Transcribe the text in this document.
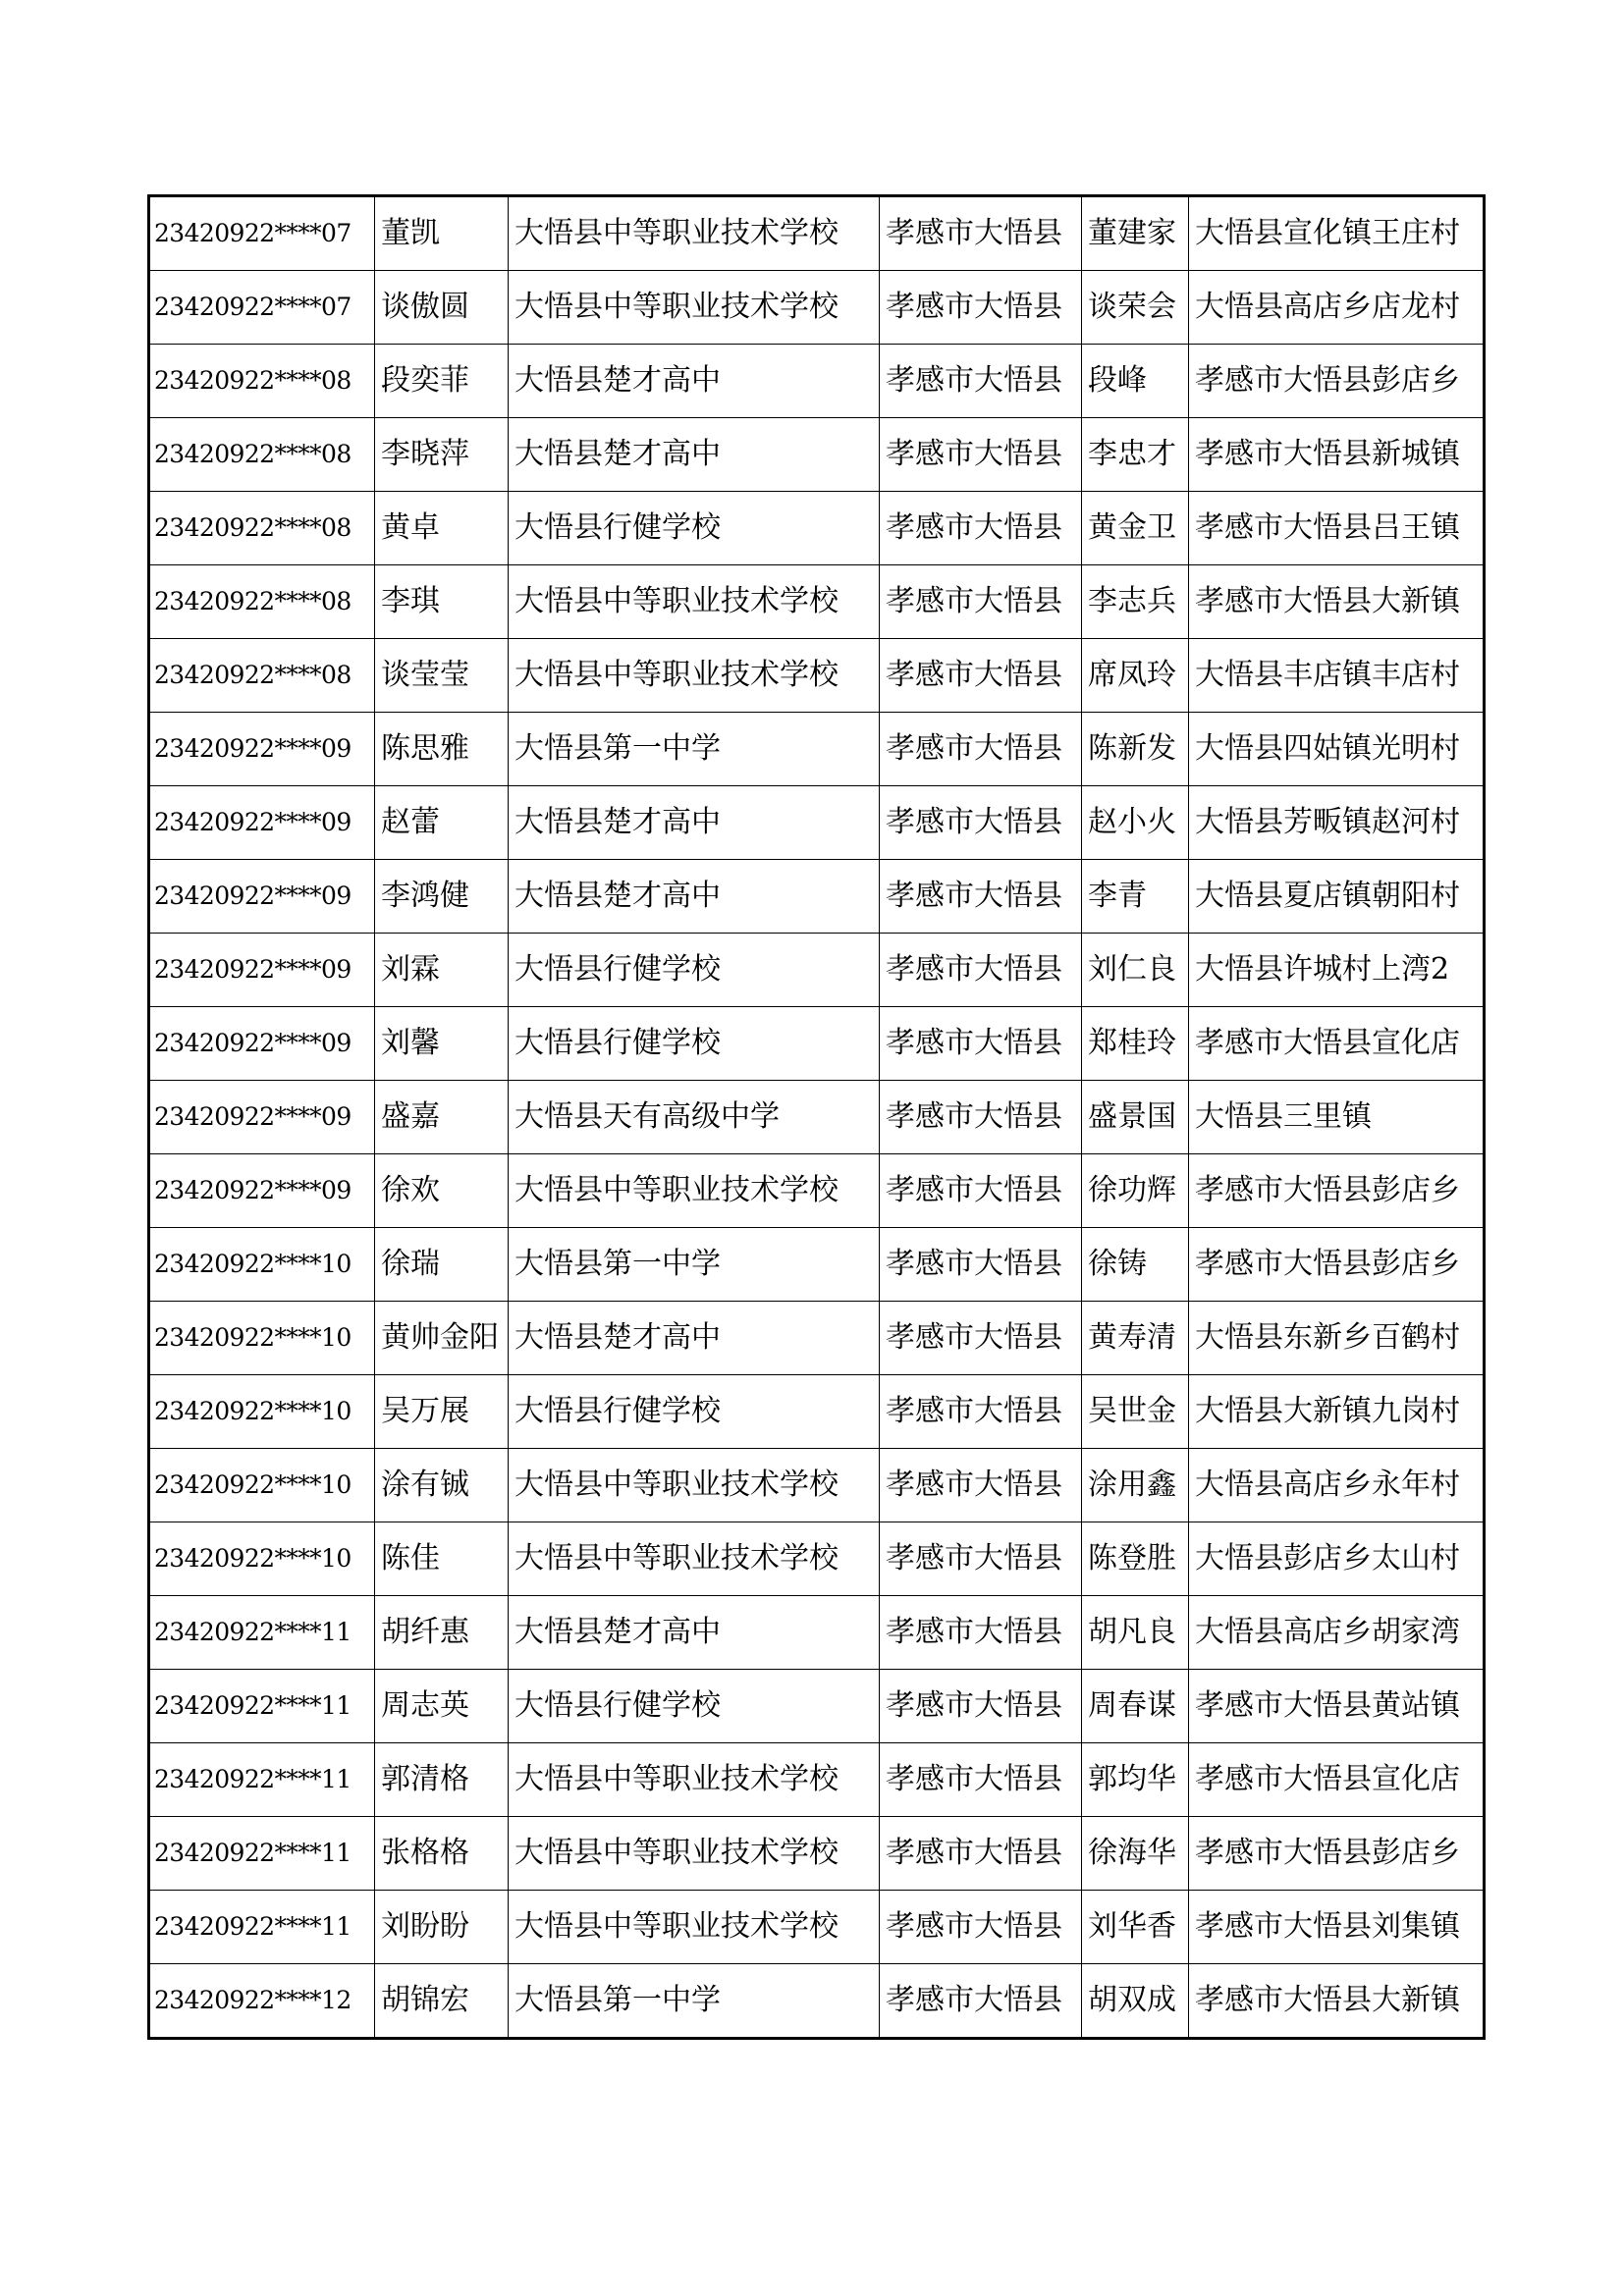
23420922****07	董凯	大悟县中等职业技术学校	孝感市大悟县	董建家	大悟县宣化镇王庄村
23420922****07	谈傲圆	大悟县中等职业技术学校	孝感市大悟县	谈荣会	大悟县高店乡店龙村
23420922****08	段奕菲	大悟县楚才高中	孝感市大悟县	段峰	孝感市大悟县彭店乡
23420922****08	李晓萍	大悟县楚才高中	孝感市大悟县	李忠才	孝感市大悟县新城镇
23420922****08	黄卓	大悟县行健学校	孝感市大悟县	黄金卫	孝感市大悟县吕王镇
23420922****08	李琪	大悟县中等职业技术学校	孝感市大悟县	李志兵	孝感市大悟县大新镇
23420922****08	谈莹莹	大悟县中等职业技术学校	孝感市大悟县	席凤玲	大悟县丰店镇丰店村
23420922****09	陈思雅	大悟县第一中学	孝感市大悟县	陈新发	大悟县四姑镇光明村
23420922****09	赵蕾	大悟县楚才高中	孝感市大悟县	赵小火	大悟县芳畈镇赵河村
23420922****09	李鸿健	大悟县楚才高中	孝感市大悟县	李青	大悟县夏店镇朝阳村
23420922****09	刘霖	大悟县行健学校	孝感市大悟县	刘仁良	大悟县许城村上湾2
23420922****09	刘馨	大悟县行健学校	孝感市大悟县	郑桂玲	孝感市大悟县宣化店
23420922****09	盛嘉	大悟县天有高级中学	孝感市大悟县	盛景国	大悟县三里镇
23420922****09	徐欢	大悟县中等职业技术学校	孝感市大悟县	徐功辉	孝感市大悟县彭店乡
23420922****10	徐瑞	大悟县第一中学	孝感市大悟县	徐铸	孝感市大悟县彭店乡
23420922****10	黄帅金阳	大悟县楚才高中	孝感市大悟县	黄寿清	大悟县东新乡百鹤村
23420922****10	吴万展	大悟县行健学校	孝感市大悟县	吴世金	大悟县大新镇九岗村
23420922****10	涂有铖	大悟县中等职业技术学校	孝感市大悟县	涂用鑫	大悟县高店乡永年村
23420922****10	陈佳	大悟县中等职业技术学校	孝感市大悟县	陈登胜	大悟县彭店乡太山村
23420922****11	胡纤惠	大悟县楚才高中	孝感市大悟县	胡凡良	大悟县高店乡胡家湾
23420922****11	周志英	大悟县行健学校	孝感市大悟县	周春谋	孝感市大悟县黄站镇
23420922****11	郭清格	大悟县中等职业技术学校	孝感市大悟县	郭均华	孝感市大悟县宣化店
23420922****11	张格格	大悟县中等职业技术学校	孝感市大悟县	徐海华	孝感市大悟县彭店乡
23420922****11	刘盼盼	大悟县中等职业技术学校	孝感市大悟县	刘华香	孝感市大悟县刘集镇
23420922****12	胡锦宏	大悟县第一中学	孝感市大悟县	胡双成	孝感市大悟县大新镇
